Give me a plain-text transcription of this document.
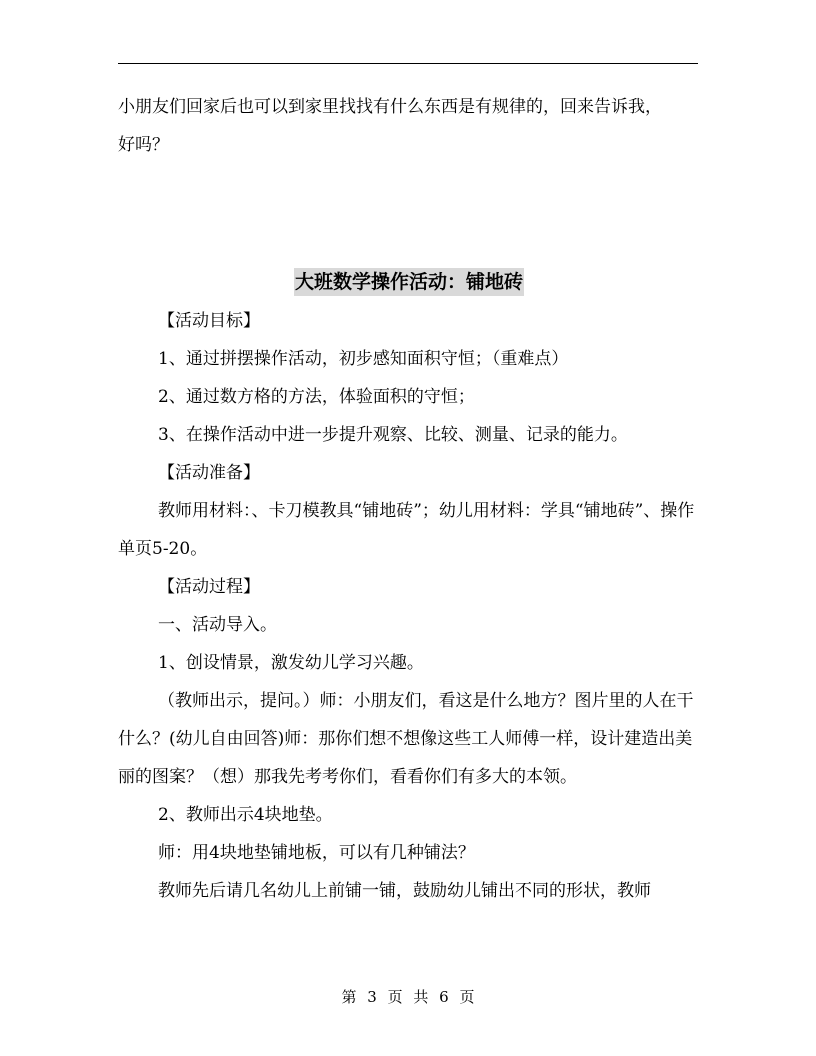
小朋友们回家后也可以到家里找找有什么东西是有规律的，回来告诉我，

好吗？

大班数学操作活动：铺地砖

【活动目标】

1、通过拼摆操作活动，初步感知面积守恒；（重难点）

2、通过数方格的方法，体验面积的守恒；

3、在操作活动中进一步提升观察、比较、测量、记录的能力。

【活动准备】

教师用材料：、卡刀模教具“铺地砖”；幼儿用材料：学具“铺地砖”、操作单页5-20。

【活动过程】

一、活动导入。

1、创设情景，激发幼儿学习兴趣。

（教师出示，提问。）师：小朋友们，看这是什么地方？图片里的人在干什么？(幼儿自由回答)师：那你们想不想像这些工人师傅一样，设计建造出美丽的图案？（想）那我先考考你们，看看你们有多大的本领。

2、教师出示4块地垫。

师：用4块地垫铺地板，可以有几种铺法？

教师先后请几名幼儿上前铺一铺，鼓励幼儿铺出不同的形状，教师

第 3 页 共 6 页
